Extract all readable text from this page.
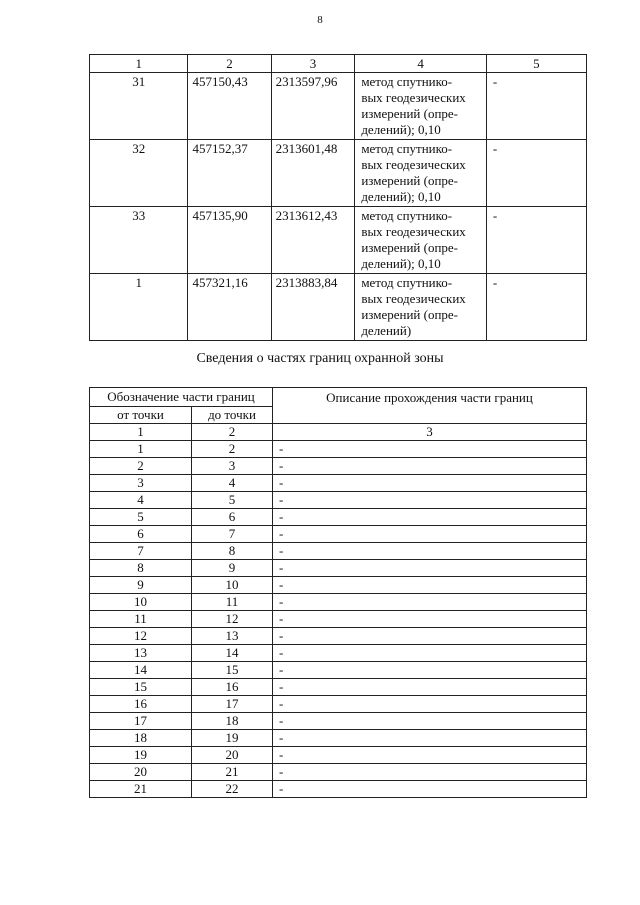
8
1	2	3	4	5
31	457150,43	2313597,96	метод спутнико-
вых геодезических
измерений (опре-
делений); 0,10	-
32	457152,37	2313601,48	метод спутнико-
вых геодезических
измерений (опре-
делений); 0,10	-
33	457135,90	2313612,43	метод спутнико-
вых геодезических
измерений (опре-
делений); 0,10	-
1	457321,16	2313883,84	метод спутнико-
вых геодезических
измерений (опре-
делений)	-
Сведения о частях границ охранной зоны
Обозначение части границ		Описание прохождения части границ
от точки	до точки	
1	2	3
1	2	-
2	3	-
3	4	-
4	5	-
5	6	-
6	7	-
7	8	-
8	9	-
9	10	-
10	11	-
11	12	-
12	13	-
13	14	-
14	15	-
15	16	-
16	17	-
17	18	-
18	19	-
19	20	-
20	21	-
21	22	-
